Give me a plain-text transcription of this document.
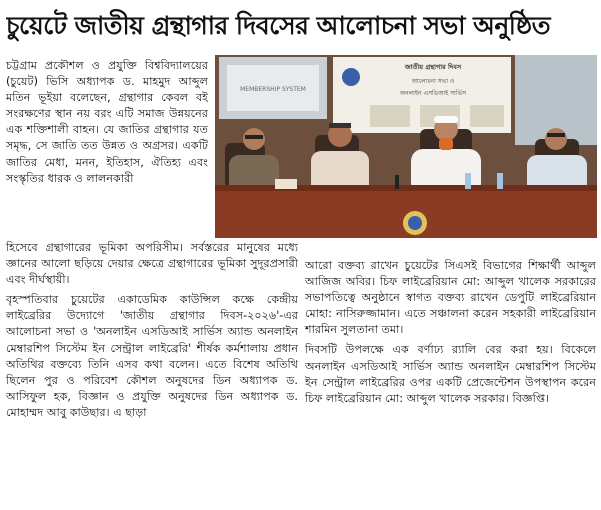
চুয়েটে জাতীয় গ্রন্থাগার দিবসের আলোচনা সভা অনুষ্ঠিত
MEMBERSHIP SYSTEM
জাতীয় গ্রন্থাগার দিবস
আলোচনা সভা ও
অনলাইন এসডিআই সার্ভিস

চট্টগ্রাম প্রকৌশল ও প্রযুক্তি বিশ্ববিদ্যালয়ের (চুয়েট) ভিসি অধ্যাপক ড. মাহমুদ আব্দুল মতিন ভূইয়া বলেছেন, গ্রন্থাগার কেবল বই সংরক্ষণের স্থান নয় বরং এটি সমাজ উন্নয়নের এক শক্তিশালী বাহন। যে জাতির গ্রন্থাগার যত সমৃদ্ধ, সে জাতি তত উন্নত ও অগ্রসর। একটি জাতির মেধা, মনন, ইতিহাস, ঐতিহ্য এবং সংস্কৃতির ধারক ও লালনকারী

হিসেবে গ্রন্থাগারের ভূমিকা অপরিসীম। সর্বস্তরের মানুষের মধ্যে জ্ঞানের আলো ছড়িয়ে দেয়ার ক্ষেত্রে গ্রন্থাগারের ভূমিকা সুদূরপ্রসারী এবং দীর্ঘস্থায়ী।

বৃহস্পতিবার চুয়েটের একাডেমিক কাউন্সিল কক্ষে কেন্দ্রীয় লাইব্রেরির উদ্যোগে 'জাতীয় গ্রন্থাগার দিবস-২০২৬'-এর আলোচনা সভা ও 'অনলাইন এসডিআই সার্ভিস অ্যান্ড অনলাইন মেম্বারশিপ সিস্টেম ইন সেন্ট্রাল লাইব্রেরি' শীর্ষক কর্মশালায় প্রধান অতিথির বক্তব্যে তিনি এসব কথা বলেন। এতে বিশেষ অতিথি ছিলেন পুর ও পরিবেশ কৌশল অনুষদের ডিন অধ্যাপক ড. আসিফুল হক, বিজ্ঞান ও প্রযুক্তি অনুষদের ডিন অধ্যাপক ড. মোহাম্মদ আবু কাউছার। এ ছাড়া

আরো বক্তব্য রাখেন চুয়েটের সিএসই বিভাগের শিক্ষার্থী আব্দুল আজিজ অবির। চিফ লাইব্রেরিয়ান মো: আব্দুল খালেক সরকারের সভাপতিত্বে অনুষ্ঠানে স্বাগত বক্তব্য রাখেন ডেপুটি লাইব্রেরিয়ান মোহা: নাসিরুজ্জামান। এতে সঞ্চালনা করেন সহকারী লাইব্রেরিয়ান শারমিন সুলতানা তমা।

দিবসটি উপলক্ষে এক বর্ণাঢ্য র‍্যালি বের করা হয়। বিকেলে অনলাইন এসডিআই সার্ভিস অ্যান্ড অনলাইন মেম্বারশিপ সিস্টেম ইন সেন্ট্রাল লাইব্রেরির ওপর একটি প্রেজেন্টেশন উপস্থাপন করেন চিফ লাইব্রেরিয়ান মো: আব্দুল খালেক সরকার। বিজ্ঞপ্তি।
